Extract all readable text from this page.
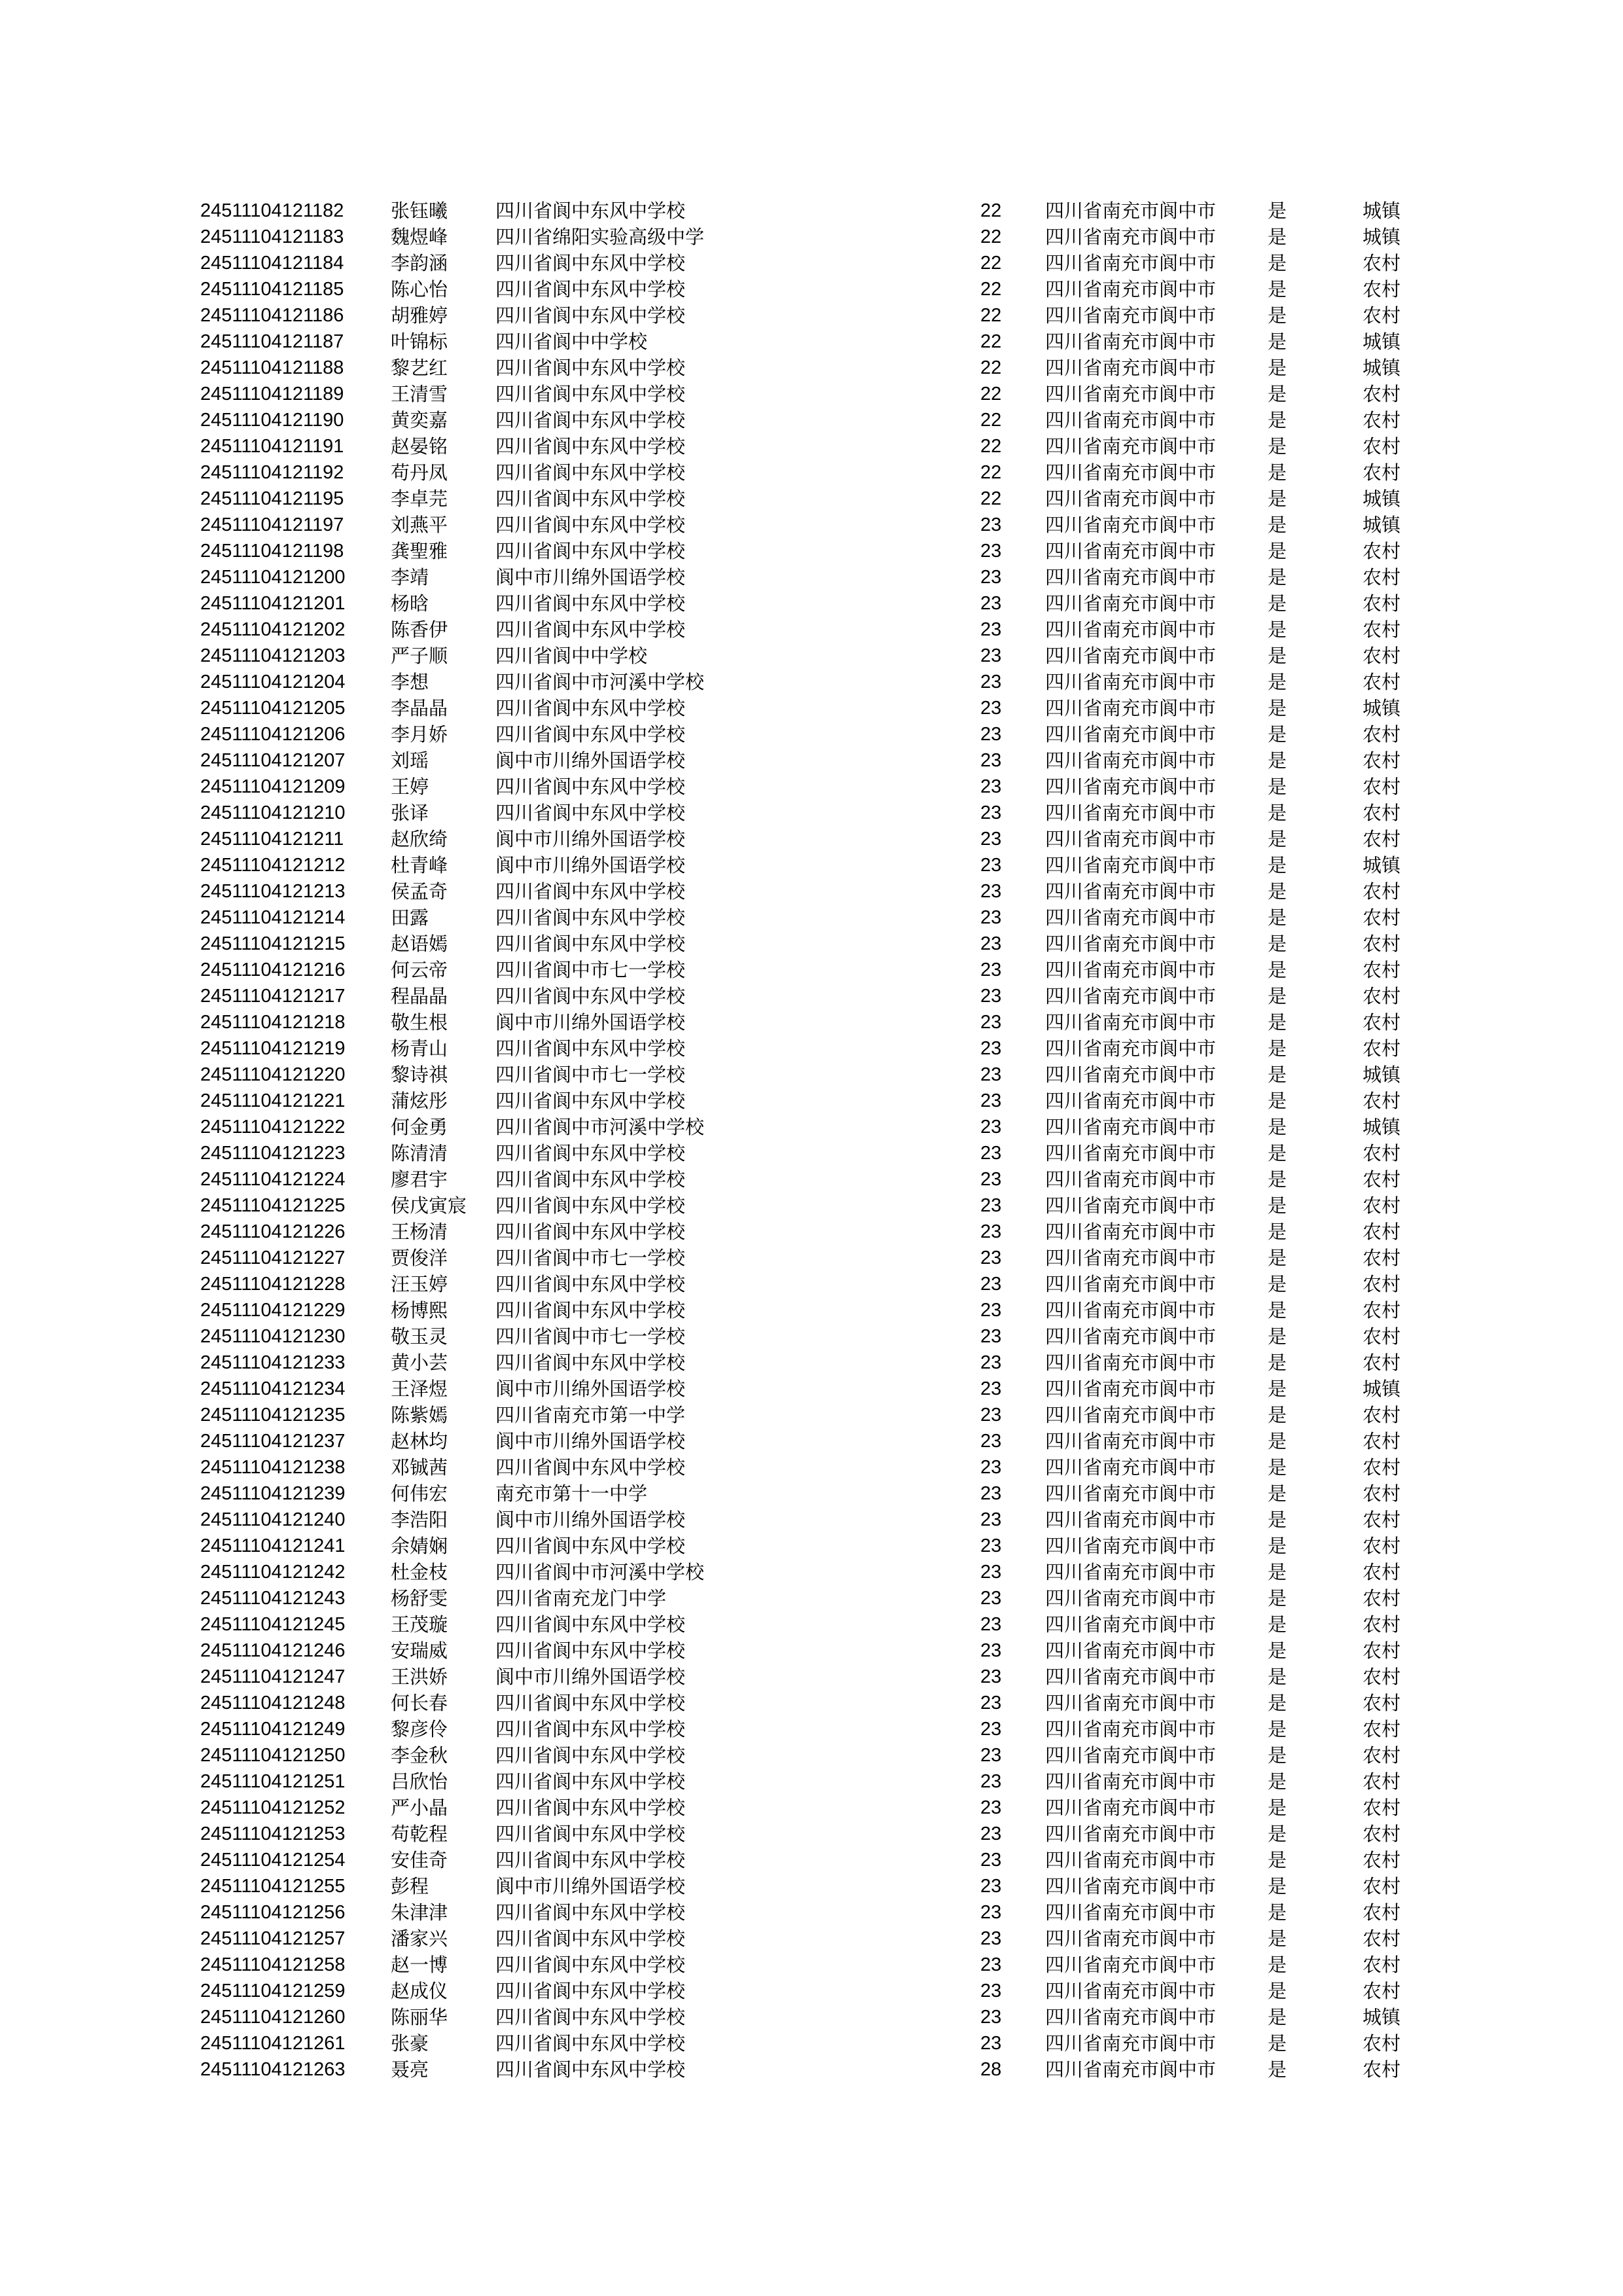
24511104121182 张钰曦	四川省阆中东风中学校	22 四川省南充市阆中市	是	城镇
24511104121183 魏煜峰	四川省绵阳实验高级中学	22 四川省南充市阆中市	是	城镇
24511104121184 李韵涵	四川省阆中东风中学校	22 四川省南充市阆中市	是	农村
24511104121185 陈心怡	四川省阆中东风中学校	22 四川省南充市阆中市	是	农村
24511104121186 胡雅婷	四川省阆中东风中学校	22 四川省南充市阆中市	是	农村
24511104121187 叶锦标	四川省阆中中学校	22 四川省南充市阆中市	是	城镇
24511104121188 黎艺红	四川省阆中东风中学校	22 四川省南充市阆中市	是	城镇
24511104121189 王清雪	四川省阆中东风中学校	22 四川省南充市阆中市	是	农村
24511104121190 黄奕嘉	四川省阆中东风中学校	22 四川省南充市阆中市	是	农村
24511104121191 赵晏铭	四川省阆中东风中学校	22 四川省南充市阆中市	是	农村
24511104121192 苟丹凤	四川省阆中东风中学校	22 四川省南充市阆中市	是	农村
24511104121195 李卓芫	四川省阆中东风中学校	22 四川省南充市阆中市	是	城镇
24511104121197 刘燕平	四川省阆中东风中学校	23 四川省南充市阆中市	是	城镇
24511104121198 龚聖雅	四川省阆中东风中学校	23 四川省南充市阆中市	是	农村
24511104121200 李靖	阆中市川绵外国语学校	23 四川省南充市阆中市	是	农村
24511104121201 杨晗	四川省阆中东风中学校	23 四川省南充市阆中市	是	农村
24511104121202 陈香伊	四川省阆中东风中学校	23 四川省南充市阆中市	是	农村
24511104121203 严子顺	四川省阆中中学校	23 四川省南充市阆中市	是	农村
24511104121204 李想	四川省阆中市河溪中学校	23 四川省南充市阆中市	是	农村
24511104121205 李晶晶	四川省阆中东风中学校	23 四川省南充市阆中市	是	城镇
24511104121206 李月娇	四川省阆中东风中学校	23 四川省南充市阆中市	是	农村
24511104121207 刘瑶	阆中市川绵外国语学校	23 四川省南充市阆中市	是	农村
24511104121209 王婷	四川省阆中东风中学校	23 四川省南充市阆中市	是	农村
24511104121210 张译	四川省阆中东风中学校	23 四川省南充市阆中市	是	农村
24511104121211 赵欣绮	阆中市川绵外国语学校	23 四川省南充市阆中市	是	农村
24511104121212 杜青峰	阆中市川绵外国语学校	23 四川省南充市阆中市	是	城镇
24511104121213 侯孟奇	四川省阆中东风中学校	23 四川省南充市阆中市	是	农村
24511104121214 田露	四川省阆中东风中学校	23 四川省南充市阆中市	是	农村
24511104121215 赵语嫣	四川省阆中东风中学校	23 四川省南充市阆中市	是	农村
24511104121216 何云帝	四川省阆中市七一学校	23 四川省南充市阆中市	是	农村
24511104121217 程晶晶	四川省阆中东风中学校	23 四川省南充市阆中市	是	农村
24511104121218 敬生根	阆中市川绵外国语学校	23 四川省南充市阆中市	是	农村
24511104121219 杨青山	四川省阆中东风中学校	23 四川省南充市阆中市	是	农村
24511104121220 黎诗祺	四川省阆中市七一学校	23 四川省南充市阆中市	是	城镇
24511104121221 蒲炫彤	四川省阆中东风中学校	23 四川省南充市阆中市	是	农村
24511104121222 何金勇	四川省阆中市河溪中学校	23 四川省南充市阆中市	是	城镇
24511104121223 陈清清	四川省阆中东风中学校	23 四川省南充市阆中市	是	农村
24511104121224 廖君宇	四川省阆中东风中学校	23 四川省南充市阆中市	是	农村
24511104121225 侯戊寅宸 四川省阆中东风中学校	23 四川省南充市阆中市	是	农村
24511104121226 王杨清	四川省阆中东风中学校	23 四川省南充市阆中市	是	农村
24511104121227 贾俊洋	四川省阆中市七一学校	23 四川省南充市阆中市	是	农村
24511104121228 汪玉婷	四川省阆中东风中学校	23 四川省南充市阆中市	是	农村
24511104121229 杨博熙	四川省阆中东风中学校	23 四川省南充市阆中市	是	农村
24511104121230 敬玉灵	四川省阆中市七一学校	23 四川省南充市阆中市	是	农村
24511104121233 黄小芸	四川省阆中东风中学校	23 四川省南充市阆中市	是	农村
24511104121234 王泽煜	阆中市川绵外国语学校	23 四川省南充市阆中市	是	城镇
24511104121235 陈紫嫣	四川省南充市第一中学	23 四川省南充市阆中市	是	农村
24511104121237 赵林均	阆中市川绵外国语学校	23 四川省南充市阆中市	是	农村
24511104121238 邓铖茜	四川省阆中东风中学校	23 四川省南充市阆中市	是	农村
24511104121239 何伟宏	南充市第十一中学	23 四川省南充市阆中市	是	农村
24511104121240 李浩阳	阆中市川绵外国语学校	23 四川省南充市阆中市	是	农村
24511104121241 余婧娴	四川省阆中东风中学校	23 四川省南充市阆中市	是	农村
24511104121242 杜金枝	四川省阆中市河溪中学校	23 四川省南充市阆中市	是	农村
24511104121243 杨舒雯	四川省南充龙门中学	23 四川省南充市阆中市	是	农村
24511104121245 王茂璇	四川省阆中东风中学校	23 四川省南充市阆中市	是	农村
24511104121246 安瑞威	四川省阆中东风中学校	23 四川省南充市阆中市	是	农村
24511104121247 王洪娇	阆中市川绵外国语学校	23 四川省南充市阆中市	是	农村
24511104121248 何长春	四川省阆中东风中学校	23 四川省南充市阆中市	是	农村
24511104121249 黎彦伶	四川省阆中东风中学校	23 四川省南充市阆中市	是	农村
24511104121250 李金秋	四川省阆中东风中学校	23 四川省南充市阆中市	是	农村
24511104121251 吕欣怡	四川省阆中东风中学校	23 四川省南充市阆中市	是	农村
24511104121252 严小晶	四川省阆中东风中学校	23 四川省南充市阆中市	是	农村
24511104121253 苟乾程	四川省阆中东风中学校	23 四川省南充市阆中市	是	农村
24511104121254 安佳奇	四川省阆中东风中学校	23 四川省南充市阆中市	是	农村
24511104121255 彭程	阆中市川绵外国语学校	23 四川省南充市阆中市	是	农村
24511104121256 朱津津	四川省阆中东风中学校	23 四川省南充市阆中市	是	农村
24511104121257 潘家兴	四川省阆中东风中学校	23 四川省南充市阆中市	是	农村
24511104121258 赵一博	四川省阆中东风中学校	23 四川省南充市阆中市	是	农村
24511104121259 赵成仪	四川省阆中东风中学校	23 四川省南充市阆中市	是	农村
24511104121260 陈丽华	四川省阆中东风中学校	23 四川省南充市阆中市	是	城镇
24511104121261 张豪	四川省阆中东风中学校	23 四川省南充市阆中市	是	农村
24511104121263 聂亮	四川省阆中东风中学校	28 四川省南充市阆中市	是	农村
